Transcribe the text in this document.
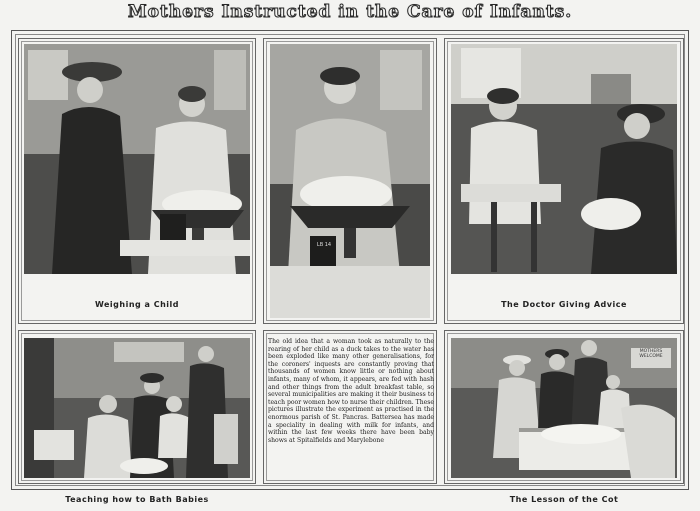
Mothers Instructed in the Care of Infants.
Weighing a Child
LB 14
The Doctor Giving Advice
Teaching how to Bath Babies
The old idea that a woman took as naturally to the rearing of her child as a duck takes to the water has been exploded like many other generalisations, for the coroners' inquests are constantly proving that thousands of women know little or nothing about infants, many of whom, it appears, are fed with hash and other things from the adult breakfast table, so several municipalities are making it their business to teach poor women how to nurse their children. These pictures illustrate the experiment as practised in the enormous parish of St. Pancras. Battersea has made a speciality in dealing with milk for infants, and within the last few weeks there have been baby shows at Spitalfields and Marylebone
MOTHERS WELCOME
The Lesson of the Cot
